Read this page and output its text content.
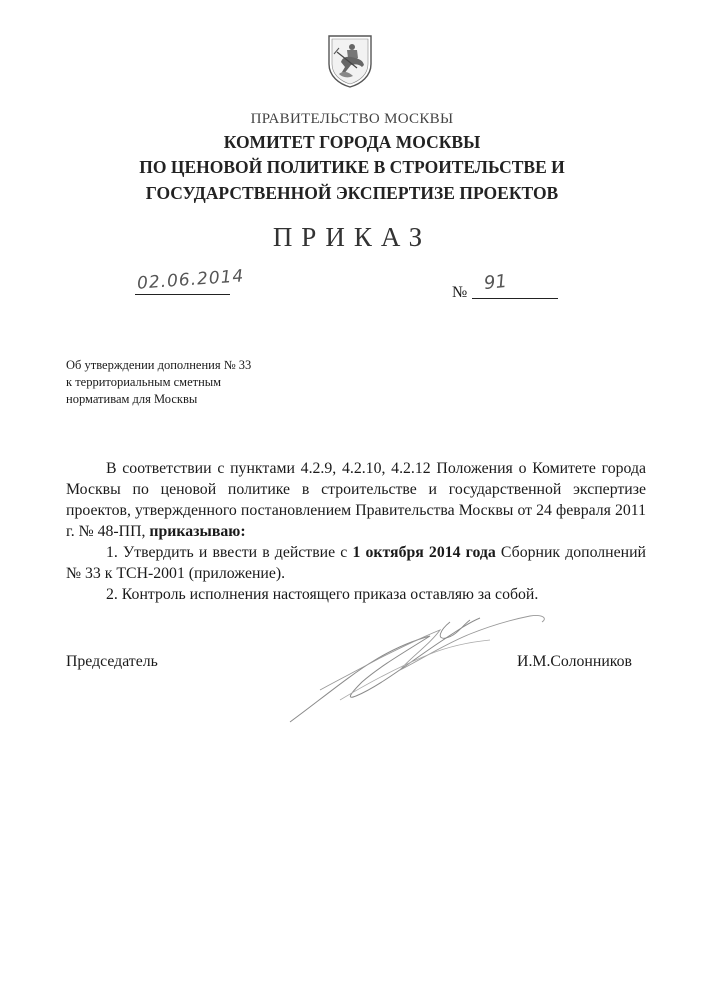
ПРАВИТЕЛЬСТВО МОСКВЫ
КОМИТЕТ ГОРОДА МОСКВЫ
ПО ЦЕНОВОЙ ПОЛИТИКЕ В СТРОИТЕЛЬСТВЕ И
ГОСУДАРСТВЕННОЙ ЭКСПЕРТИЗЕ ПРОЕКТОВ
ПРИКАЗ
02.06.2014	№ 91
Об утверждении дополнения № 33
к территориальным сметным
нормативам для Москвы

В соответствии с пунктами 4.2.9, 4.2.10, 4.2.12 Положения о Комитете города Москвы по ценовой политике в строительстве и государственной экспертизе проектов, утвержденного постановлением Правительства Москвы от 24 февраля 2011 г. № 48-ПП, приказываю:

1. Утвердить и ввести в действие с 1 октября 2014 года Сборник дополнений № 33 к ТСН-2001 (приложение).

2. Контроль исполнения настоящего приказа оставляю за собой.

Председатель	И.М.Солонников
